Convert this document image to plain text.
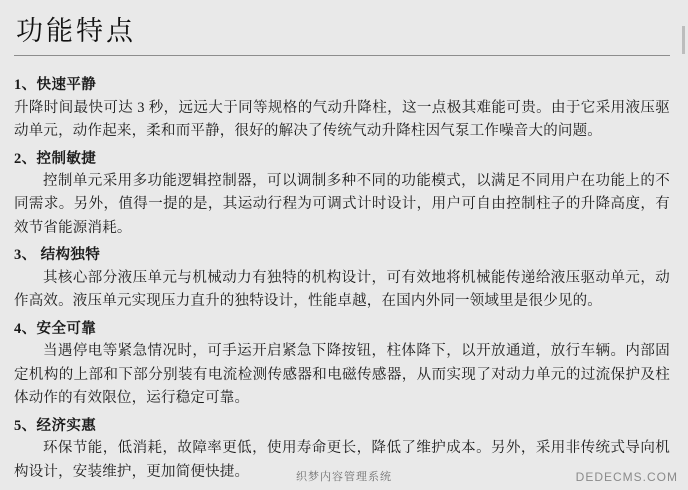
功能特点

1、快速平静

升降时间最快可达 3 秒，远远大于同等规格的气动升降柱，这一点极其难能可贵。由于它采用液压驱动单元，动作起来，柔和而平静，很好的解决了传统气动升降柱因气泵工作噪音大的问题。

2、控制敏捷

控制单元采用多功能逻辑控制器，可以调制多种不同的功能模式，以满足不同用户在功能上的不同需求。另外，值得一提的是，其运动行程为可调式计时设计，用户可自由控制柱子的升降高度，有效节省能源消耗。

3、 结构独特

其核心部分液压单元与机械动力有独特的机构设计，可有效地将机械能传递给液压驱动单元，动作高效。液压单元实现压力直升的独特设计，性能卓越，在国内外同一领域里是很少见的。

4、安全可靠

当遇停电等紧急情况时，可手运开启紧急下降按钮，柱体降下，以开放通道，放行车辆。内部固定机构的上部和下部分别装有电流检测传感器和电磁传感器，从而实现了对动力单元的过流保护及柱体动作的有效限位，运行稳定可靠。

5、经济实惠

环保节能，低消耗，故障率更低，使用寿命更长，降低了维护成本。另外，采用非传统式导向机构设计，安装维护，更加简便快捷。	织梦内容管理系统	DEDECMS.COM
